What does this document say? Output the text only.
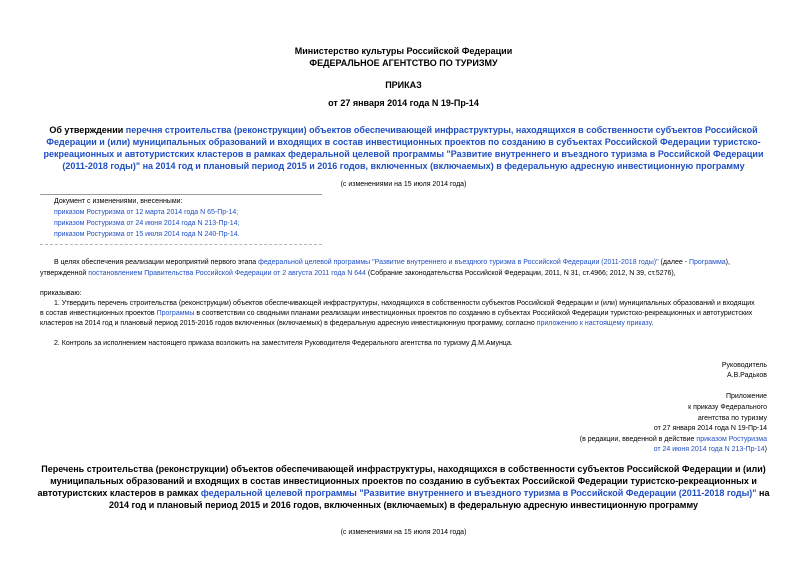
Министерство культуры Российской Федерации
ФЕДЕРАЛЬНОЕ АГЕНТСТВО ПО ТУРИЗМУ
ПРИКАЗ
от 27 января 2014 года N 19-Пр-14
Об утверждении перечня строительства (реконструкции) объектов обеспечивающей инфраструктуры, находящихся в собственности субъектов Российской
Федерации и (или) муниципальных образований и входящих в состав инвестиционных проектов по созданию в субъектах Российской Федерации туристско-
рекреационных и автотуристских кластеров в рамках федеральной целевой программы "Развитие внутреннего и въездного туризма в Российской Федерации
(2011-2018 годы)" на 2014 год и плановый период 2015 и 2016 годов, включенных (включаемых) в федеральную адресную инвестиционную программу
(с изменениями на 15 июля 2014 года)
Документ с изменениями, внесенными:
приказом Ростуризма от 12 марта 2014 года N 65-Пр-14;
приказом Ростуризма от 24 июня 2014 года N 213-Пр-14;
приказом Ростуризма от 15 июля 2014 года N 240-Пр-14.
В целях обеспечения реализации мероприятий первого этапа федеральной целевой программы "Развитие внутреннего и въездного туризма в Российской Федерации (2011-2018 годы)" (далее - Программа),
утвержденной постановлением Правительства Российской Федерации от 2 августа 2011 года N 644 (Собрание законодательства Российской Федерации, 2011, N 31, ст.4966; 2012, N 39, ст.5276),
приказываю:
1. Утвердить перечень строительства (реконструкции) объектов обеспечивающей инфраструктуры, находящихся в собственности субъектов Российской Федерации и (или) муниципальных образований и входящих
в состав инвестиционных проектов Программы в соответствии со сводными планами реализации инвестиционных проектов по созданию в субъектах Российской Федерации туристско-рекреационных и автотуристских
кластеров на 2014 год и плановый период 2015-2016 годов включенных (включаемых) в федеральную адресную инвестиционную программу, согласно приложению к настоящему приказу.
2. Контроль за исполнением настоящего приказа возложить на заместителя Руководителя Федерального агентства по туризму Д.М.Амунца.
Руководитель
А.В.Радьков
Приложение
к приказу Федерального
агентства по туризму
от 27 января 2014 года N 19-Пр-14
(в редакции, введенной в действие приказом Ростуризма
от 24 июня 2014 года N 213-Пр-14)
Перечень строительства (реконструкции) объектов обеспечивающей инфраструктуры, находящихся в собственности субъектов Российской Федерации и (или)
муниципальных образований и входящих в состав инвестиционных проектов по созданию в субъектах Российской Федерации туристско-рекреационных и
автотуристских кластеров в рамках федеральной целевой программы "Развитие внутреннего и въездного туризма в Российской Федерации (2011-2018 годы)" на
2014 год и плановый период 2015 и 2016 годов, включенных (включаемых) в федеральную адресную инвестиционную программу
(с изменениями на 15 июля 2014 года)
